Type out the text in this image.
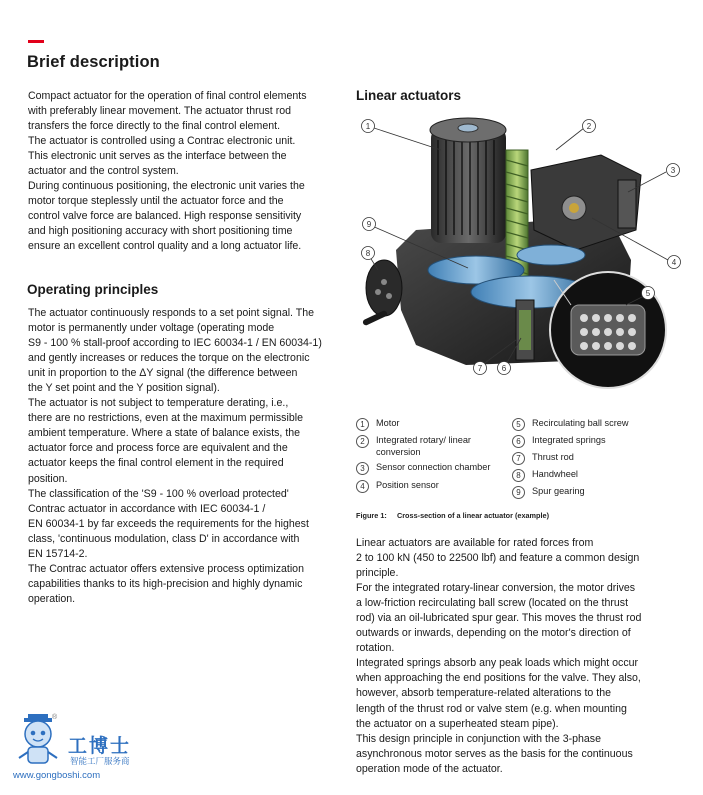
Brief description
Compact actuator for the operation of final control elements
with preferably linear movement. The actuator thrust rod
transfers the force directly to the final control element.
The actuator is controlled using a Contrac electronic unit.
This electronic unit serves as the interface between the
actuator and the control system.
During continuous positioning, the electronic unit varies the
motor torque steplessly until the actuator force and the
control valve force are balanced. High response sensitivity
and high positioning accuracy with short positioning time
ensure an excellent control quality and a long actuator life.
Operating principles
The actuator continuously responds to a set point signal. The
motor is permanently under voltage (operating mode
S9 - 100 % stall-proof according to IEC 60034-1 / EN 60034-1)
and gently increases or reduces the torque on the electronic
unit in proportion to the ΔY signal (the difference between
the Y set point and the Y position signal).
The actuator is not subject to temperature derating, i.e.,
there are no restrictions, even at the maximum permissible
ambient temperature. Where a state of balance exists, the
actuator force and process force are equivalent and the
actuator keeps the final control element in the required
position.
The classification of the 'S9 - 100 % overload protected'
Contrac actuator in accordance with IEC 60034-1 /
EN 60034-1 by far exceeds the requirements for the highest
class, 'continuous modulation, class D' in accordance with
EN 15714-2.
The Contrac actuator offers extensive process optimization
capabilities thanks to its high-precision and highly dynamic
operation.
Linear actuators
1	2
3
4
5
6
7
8
9
1	Motor
2	Integrated rotary/ linear
conversion
3	Sensor connection chamber
4	Position sensor
5	Recirculating ball screw
6	Integrated springs
7	Thrust rod
8	Handwheel
9	Spur gearing
Figure 1: Cross-section of a linear actuator (example)
Linear actuators are available for rated forces from
2 to 100 kN (450 to 22500 lbf) and feature a common design
principle.
For the integrated rotary-linear conversion, the motor drives
a low-friction recirculating ball screw (located on the thrust
rod) via an oil-lubricated spur gear. This moves the thrust rod
outwards or inwards, depending on the motor's direction of
rotation.
Integrated springs absorb any peak loads which might occur
when approaching the end positions for the valve. They also,
however, absorb temperature-related alterations to the
length of the thrust rod or valve stem (e.g. when mounting
the actuator on a superheated steam pipe).
This design principle in conjunction with the 3-phase
asynchronous motor serves as the basis for the continuous
operation mode of the actuator.
®
工博士
智能工厂服务商
www.gongboshi.com
